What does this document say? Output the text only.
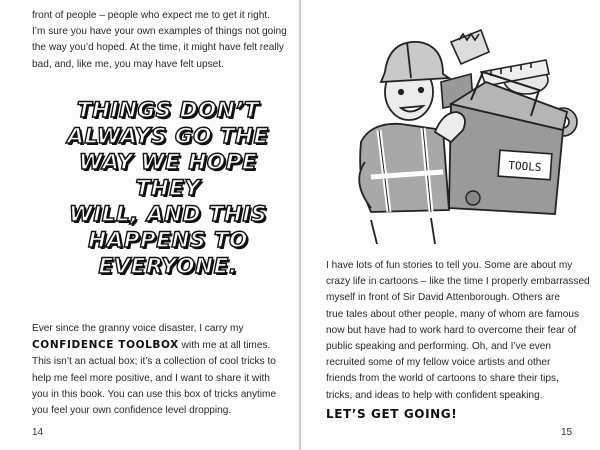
front of people – people who expect me to get it right.
I’m sure you have your own examples of things not going
the way you’d hoped. At the time, it might have felt really
bad, and, like me, you may have felt upset.
THINGS DON’T
ALWAYS GO THE
WAY WE HOPE THEY
WILL, AND THIS
HAPPENS TO
EVERYONE.
Ever since the granny voice disaster, I carry my
CONFIDENCE TOOLBOX with me at all times.
This isn’t an actual box; it’s a collection of cool tricks to
help me feel more positive, and I want to share it with
you in this book. You can use this box of tricks anytime
you feel your own confidence level dropping.
14
TOOLS
I have lots of fun stories to tell you. Some are about my
crazy life in cartoons – like the time I properly embarrassed
myself in front of Sir David Attenborough. Others are
true tales about other people, many of whom are famous
now but have had to work hard to overcome their fear of
public speaking and performing. Oh, and I’ve even
recruited some of my fellow voice artists and other
friends from the world of cartoons to share their tips,
tricks, and ideas to help with confident speaking.
LET’S GET GOING!
15
